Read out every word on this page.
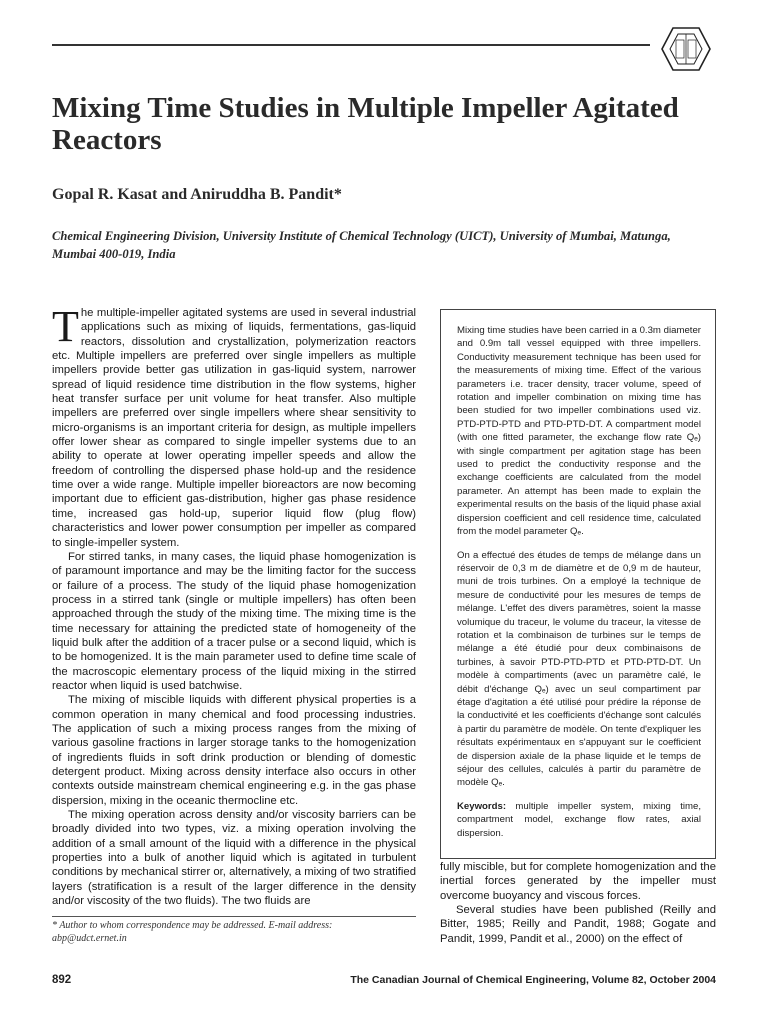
Mixing Time Studies in Multiple Impeller Agitated Reactors
Gopal R. Kasat and Aniruddha B. Pandit*
Chemical Engineering Division, University Institute of Chemical Technology (UICT), University of Mumbai, Matunga, Mumbai 400-019, India

The multiple-impeller agitated systems are used in several industrial applications such as mixing of liquids, fermentations, gas-liquid reactors, dissolution and crystallization, polymerization reactors etc. Multiple impellers are preferred over single impellers as multiple impellers provide better gas utilization in gas-liquid system, narrower spread of liquid residence time distribution in the flow systems, higher heat transfer surface per unit volume for heat transfer. Also multiple impellers are preferred over single impellers where shear sensitivity to micro-organisms is an important criteria for design, as multiple impellers offer lower shear as compared to single impeller systems due to an ability to operate at lower operating impeller speeds and allow the freedom of controlling the dispersed phase hold-up and the residence time over a wide range. Multiple impeller bioreactors are now becoming important due to efficient gas-distribution, higher gas phase residence time, increased gas hold-up, superior liquid flow (plug flow) characteristics and lower power consumption per impeller as compared to single-impeller system.

For stirred tanks, in many cases, the liquid phase homogenization is of paramount importance and may be the limiting factor for the success or failure of a process. The study of the liquid phase homogenization process in a stirred tank (single or multiple impellers) has often been approached through the study of the mixing time. The mixing time is the time necessary for attaining the predicted state of homogeneity of the liquid bulk after the addition of a tracer pulse or a second liquid, which is to be homogenized. It is the main parameter used to define time scale of the macroscopic elementary process of the liquid mixing in the stirred reactor when liquid is used batchwise.

The mixing of miscible liquids with different physical properties is a common operation in many chemical and food processing industries. The application of such a mixing process ranges from the mixing of various gasoline fractions in larger storage tanks to the homogenization of ingredients fluids in soft drink production or blending of domestic detergent product. Mixing across density interface also occurs in other contexts outside mainstream chemical engineering e.g. in the gas phase dispersion, mixing in the oceanic thermocline etc.

The mixing operation across density and/or viscosity barriers can be broadly divided into two types, viz. a mixing operation involving the addition of a small amount of the liquid with a difference in the physical properties into a bulk of another liquid which is agitated in turbulent conditions by mechanical stirrer or, alternatively, a mixing of two stratified layers (stratification is a result of the larger difference in the density and/or viscosity of the two fluids). The two fluids are

Mixing time studies have been carried in a 0.3m diameter and 0.9m tall vessel equipped with three impellers. Conductivity measurement technique has been used for the measurements of mixing time. Effect of the various parameters i.e. tracer density, tracer volume, speed of rotation and impeller combination on mixing time has been studied for two impeller combinations used viz. PTD-PTD-PTD and PTD-PTD-DT. A compartment model (with one fitted parameter, the exchange flow rate Qₑ) with single compartment per agitation stage has been used to predict the conductivity response and the exchange coefficients are calculated from the model parameter. An attempt has been made to explain the experimental results on the basis of the liquid phase axial dispersion coefficient and cell residence time, calculated from the model parameter Qₑ.

On a effectué des études de temps de mélange dans un réservoir de 0,3 m de diamètre et de 0,9 m de hauteur, muni de trois turbines. On a employé la technique de mesure de conductivité pour les mesures de temps de mélange. L'effet des divers paramètres, soient la masse volumique du traceur, le volume du traceur, la vitesse de rotation et la combinaison de turbines sur le temps de mélange a été étudié pour deux combinaisons de turbines, à savoir PTD-PTD-PTD et PTD-PTD-DT. Un modèle à compartiments (avec un paramètre calé, le débit d'échange Qₑ) avec un seul compartiment par étage d'agitation a été utilisé pour prédire la réponse de la conductivité et les coefficients d'échange sont calculés à partir du paramètre de modèle. On tente d'expliquer les résultats expérimentaux en s'appuyant sur le coefficient de dispersion axiale de la phase liquide et le temps de séjour des cellules, calculés à partir du paramètre de modèle Qₑ.

Keywords: multiple impeller system, mixing time, compartment model, exchange flow rates, axial dispersion.

fully miscible, but for complete homogenization and the inertial forces generated by the impeller must overcome buoyancy and viscous forces.

Several studies have been published (Reilly and Bitter, 1985; Reilly and Pandit, 1988; Gogate and Pandit, 1999, Pandit et al., 2000) on the effect of

* Author to whom correspondence may be addressed. E-mail address:
abp@udct.ernet.in
892	The Canadian Journal of Chemical Engineering, Volume 82, October 2004
